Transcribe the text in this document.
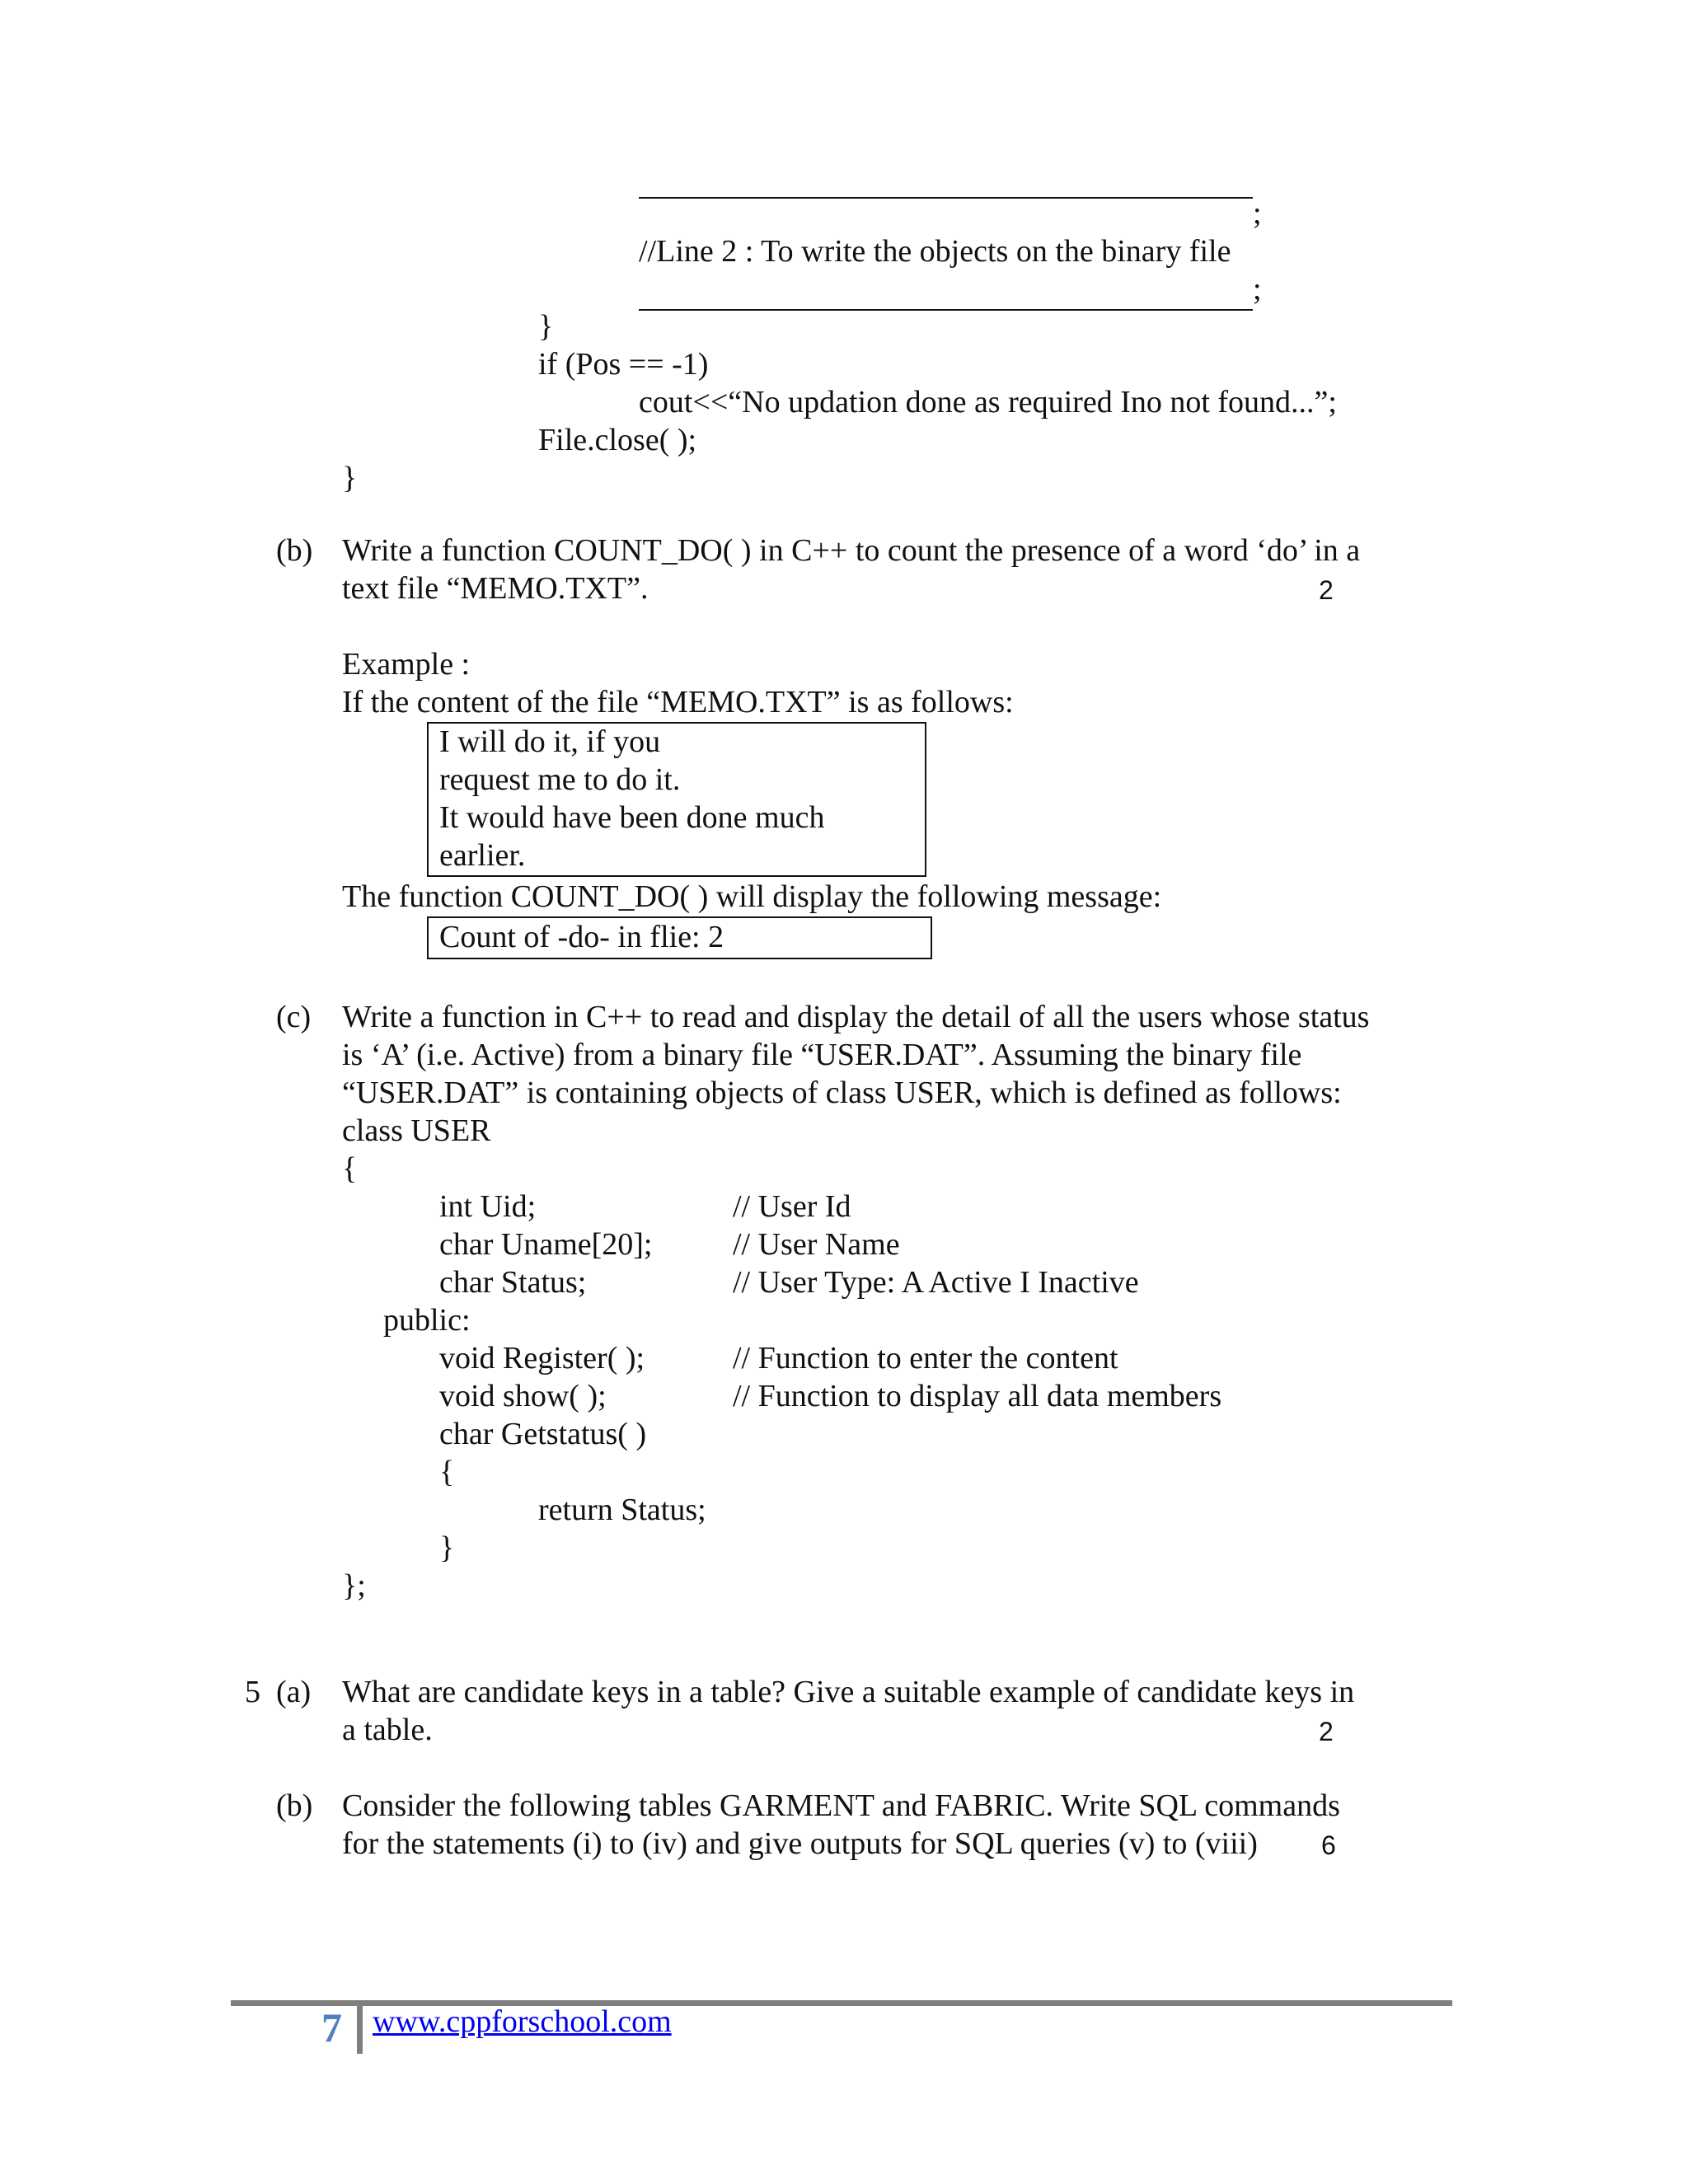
;
//Line 2 : To write the objects on the binary file
;
}
if (Pos == -1)
cout<<“No updation done as required Ino not found...”;
File.close( );
}
(b) Write a function COUNT_DO( ) in C++ to count the presence of a word ‘do’ in a
text file “MEMO.TXT”.	2
Example :
If the content of the file “MEMO.TXT” is as follows:
I will do it, if you
request me to do it.
It would have been done much
earlier.
The function COUNT_DO( ) will display the following message:
Count of -do- in flie: 2
(c) Write a function in C++ to read and display the detail of all the users whose status
is ‘A’ (i.e. Active) from a binary file “USER.DAT”. Assuming the binary file
“USER.DAT” is containing objects of class USER, which is defined as follows:
class USER
{
int Uid;	// User Id
char Uname[20];	// User Name
char Status;	// User Type: A Active I Inactive
public:
void Register( );	// Function to enter the content
void show( );	// Function to display all data members
char Getstatus( )
{
return Status;
}
};
5 (a) What are candidate keys in a table? Give a suitable example of candidate keys in
a table.	2
(b) Consider the following tables GARMENT and FABRIC. Write SQL commands
for the statements (i) to (iv) and give outputs for SQL queries (v) to (viii) 6
7 www.cppforschool.com
